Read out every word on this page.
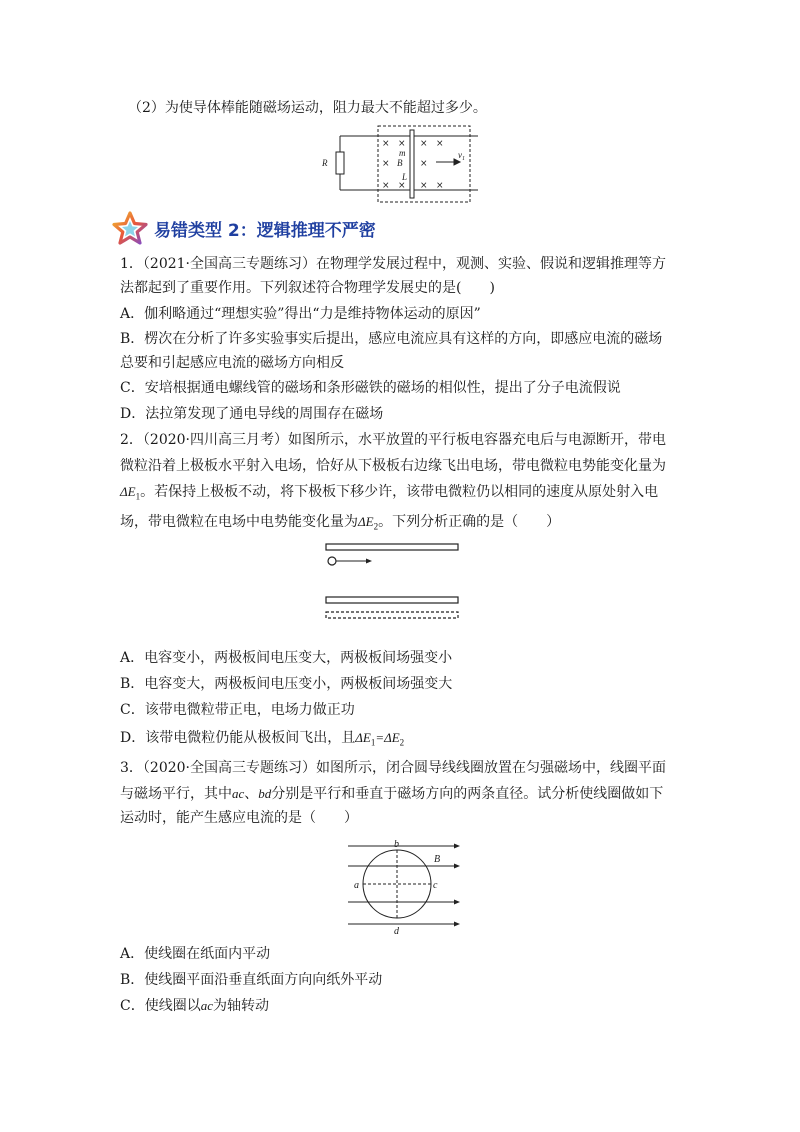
（2）为使导体棒能随磁场运动，阻力最大不能超过多少。
R	B
m
L
$v_1$
× × × ×
×	×
× × × ×
易错类型 2：逻辑推理不严密
1．（2021·全国高三专题练习）在物理学发展过程中，观测、实验、假说和逻辑推理等方
法都起到了重要作用。下列叙述符合物理学发展史的是(　　)
A．伽利略通过“理想实验”得出“力是维持物体运动的原因”
B．楞次在分析了许多实验事实后提出，感应电流应具有这样的方向，即感应电流的磁场
总要和引起感应电流的磁场方向相反
C．安培根据通电螺线管的磁场和条形磁铁的磁场的相似性，提出了分子电流假说
D．法拉第发现了通电导线的周围存在磁场
2．（2020·四川高三月考）如图所示，水平放置的平行板电容器充电后与电源断开，带电
微粒沿着上极板水平射入电场，恰好从下极板右边缘飞出电场，带电微粒电势能变化量为
$\Delta E_1$。若保持上极板不动，将下极板下移少许，该带电微粒仍以相同的速度从原处射入电
场，带电微粒在电场中电势能变化量为$\Delta E_2$。下列分析正确的是（　　）
A．电容变小，两极板间电压变大，两极板间场强变小
B．电容变大，两极板间电压变小，两极板间场强变大
C．该带电微粒带正电，电场力做正功
D．该带电微粒仍能从极板间飞出，且$\Delta E_1=\Delta E_2$
3．（2020·全国高三专题练习）如图所示，闭合圆导线线圈放置在匀强磁场中，线圈平面
与磁场平行，其中ac、bd分别是平行和垂直于磁场方向的两条直径。试分析使线圈做如下
运动时，能产生感应电流的是（　　）
a
b
c
d
B
A．使线圈在纸面内平动
B．使线圈平面沿垂直纸面方向向纸外平动
C．使线圈以ac为轴转动
